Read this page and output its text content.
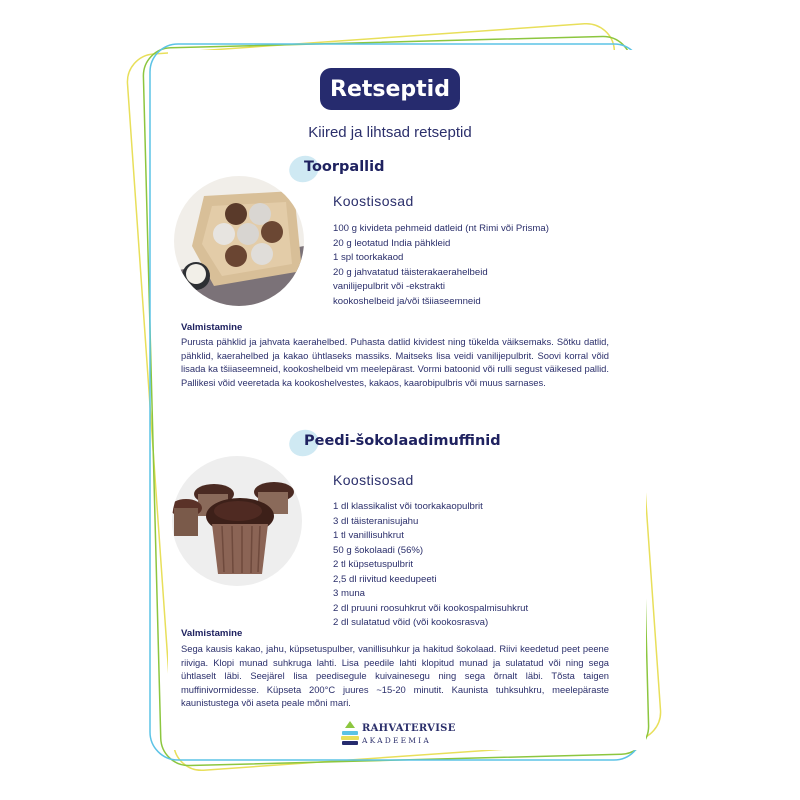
Retseptid
Kiired ja lihtsad retseptid
Toorpallid
Koostisosad
100 g kivideta pehmeid datleid (nt Rimi või Prisma)
20 g leotatud India pähkleid
1 spl toorkakaod
20 g jahvatatud täisterakaerahelbeid
vanilijepulbrit või -ekstrakti
kookoshelbeid ja/või tšiiaseemneid
Valmistamine
Purusta pähklid ja jahvata kaerahelbed. Puhasta datlid kividest ning tükelda väiksemaks. Sõtku datlid, pähklid, kaerahelbed ja kakao ühtlaseks massiks. Maitseks lisa veidi vanilijepulbrit. Soovi korral võid lisada ka tšiiaseemneid, kookoshelbeid vm meelepärast. Vormi batoonid või rulli segust väikesed pallid. Pallikesi võid veeretada ka kookoshelvestes, kakaos, kaarobipulbris või muus sarnases.
Peedi-šokolaadimuffinid
Koostisosad
1 dl klassikalist või toorkakaopulbrit
3 dl täisteranisujahu
1 tl vanillisuhkrut
50 g šokolaadi (56%)
2 tl küpsetuspulbrit
2,5 dl riivitud keedupeeti
3 muna
2 dl pruuni roosuhkrut või kookospalmisuhkrut
2 dl sulatatud võid (või kookosrasva)
Valmistamine
Sega kausis kakao, jahu, küpsetuspulber, vanillisuhkur ja hakitud šokolaad. Riivi keedetud peet peene riiviga. Klopi munad suhkruga lahti. Lisa peedile lahti klopitud munad ja sulatatud või ning sega ühtlaselt läbi. Seejärel lisa peedisegule kuivainesegu ning sega õrnalt läbi. Tõsta taigen muffinivormidesse. Küpseta 200°C juures ~15-20 minutit. Kaunista tuhksuhkru, meelepäraste kaunistustega või aseta peale mõni mari.
RAHVATERVISE
AKADEEMIA
